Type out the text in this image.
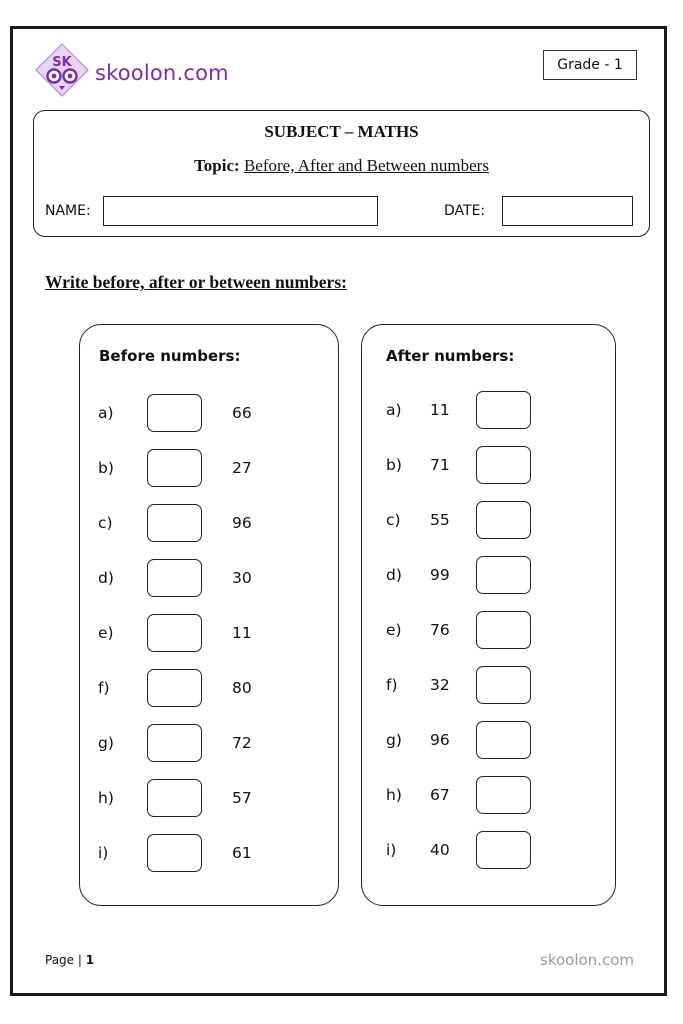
SK skoolon.com	Grade - 1
SUBJECT – MATHS
Topic: Before, After and Between numbers
NAME:	DATE:
Write before, after or between numbers:
Before numbers:
a)	66
b)	27
c)	96
d)	30
e)	11
f)	80
g)	72
h)	57
i)	61
After numbers:
a) 11
b) 71
c) 55
d) 99
e) 76
f) 32
g) 96
h) 67
i) 40
Page | 1	skoolon.com
